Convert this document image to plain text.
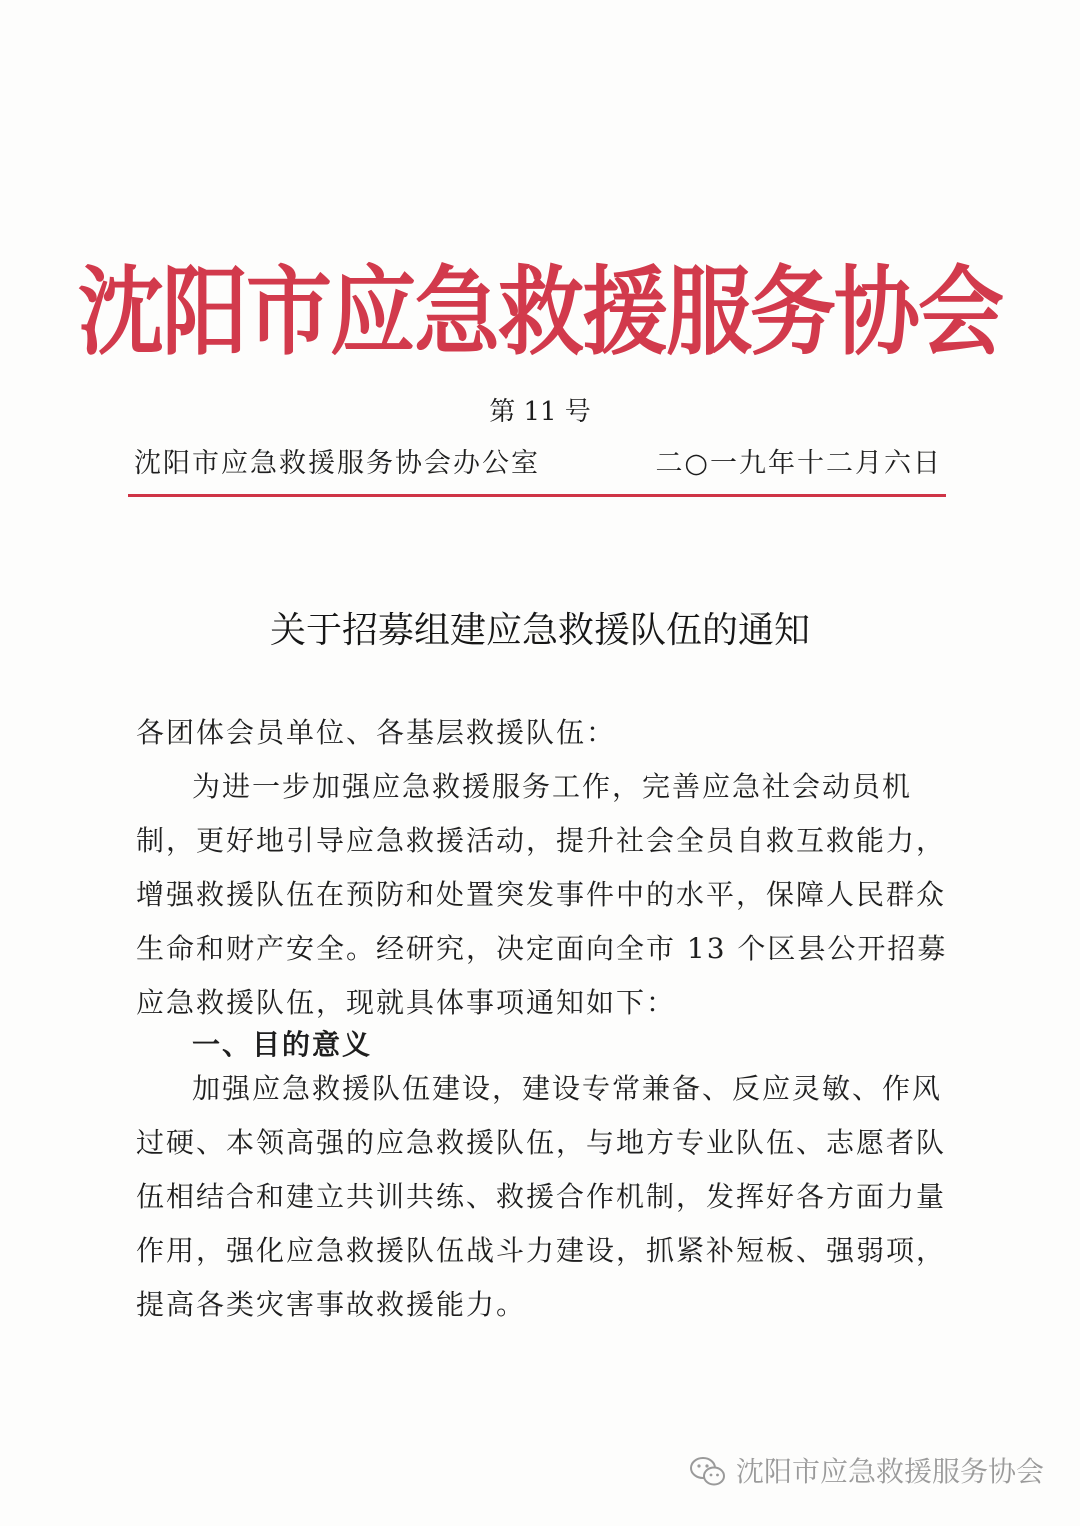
沈阳市应急救援服务协会
第 11 号
沈阳市应急救援服务协会办公室	二○一九年十二月六日
关于招募组建应急救援队伍的通知
各团体会员单位、各基层救援队伍：
为进一步加强应急救援服务工作，完善应急社会动员机制，更好地引导应急救援活动，提升社会全员自救互救能力，增强救援队伍在预防和处置突发事件中的水平，保障人民群众生命和财产安全。经研究，决定面向全市 13 个区县公开招募应急救援队伍，现就具体事项通知如下：
一、目的意义
加强应急救援队伍建设，建设专常兼备、反应灵敏、作风过硬、本领高强的应急救援队伍，与地方专业队伍、志愿者队伍相结合和建立共训共练、救援合作机制，发挥好各方面力量作用，强化应急救援队伍战斗力建设，抓紧补短板、强弱项，提高各类灾害事故救援能力。
沈阳市应急救援服务协会
